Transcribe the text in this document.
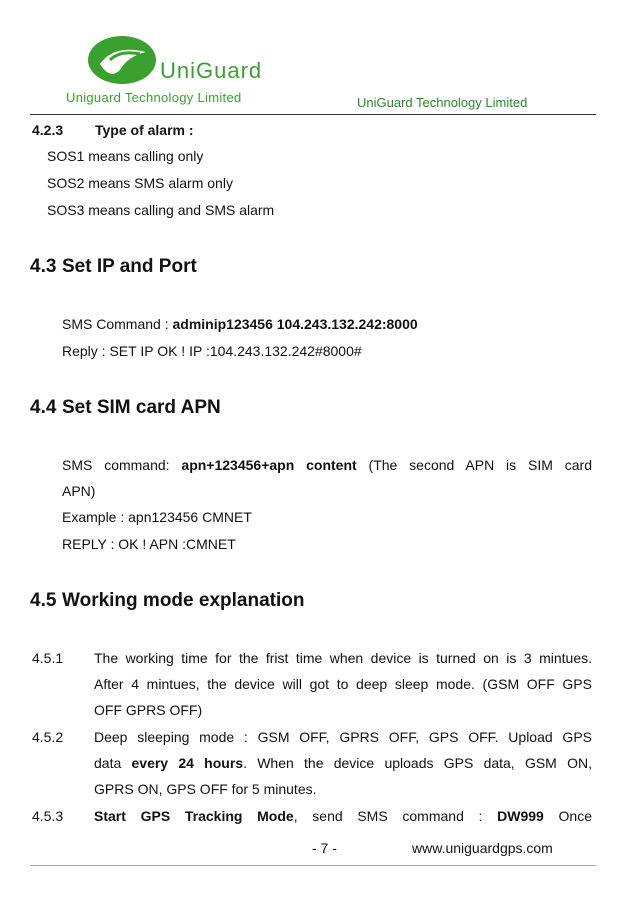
UniGuard
Uniguard Technology Limited	UniGuard Technology Limited
4.2.3 Type of alarm :
SOS1 means calling only
SOS2 means SMS alarm only
SOS3 means calling and SMS alarm
4.3 Set IP and Port
SMS Command : adminip123456 104.243.132.242:8000
Reply : SET IP OK ! IP :104.243.132.242#8000#
4.4 Set SIM card APN
SMS command: apn+123456+apn content (The second APN is SIM card
APN)
Example : apn123456 CMNET
REPLY : OK ! APN :CMNET
4.5 Working mode explanation
4.5.1 The working time for the frist time when device is turned on is 3 mintues.
After 4 mintues, the device will got to deep sleep mode. (GSM OFF GPS
OFF GPRS OFF)
4.5.2 Deep sleeping mode : GSM OFF, GPRS OFF, GPS OFF. Upload GPS
data every 24 hours. When the device uploads GPS data, GSM ON,
GPRS ON, GPS OFF for 5 minutes.
4.5.3 Start GPS Tracking Mode, send SMS command : DW999 Once
- 7 -	www.uniguardgps.com
